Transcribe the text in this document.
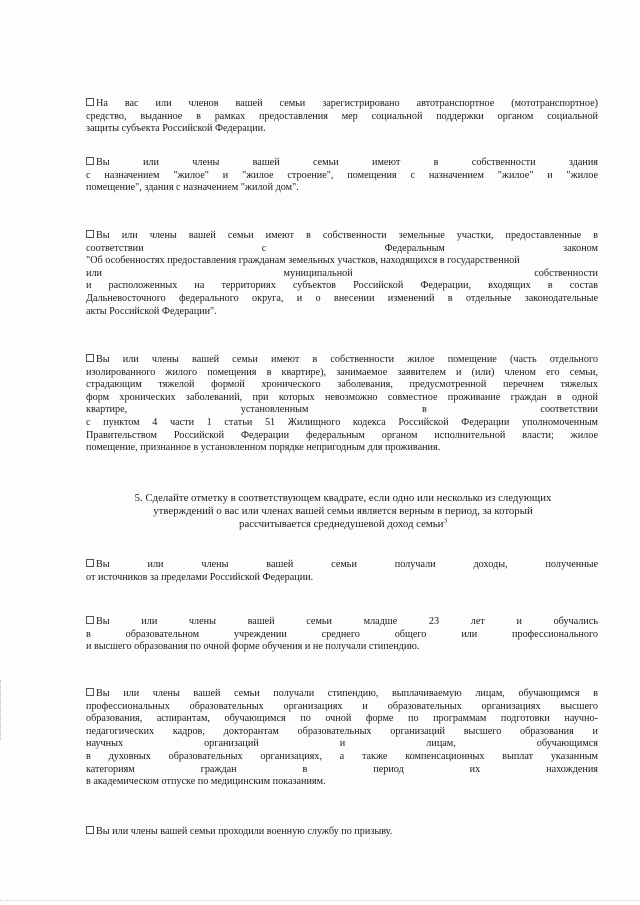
На вас или членов вашей семьи зарегистрировано автотранспортное (мототранспортное)
средство, выданное в рамках предоставления мер социальной поддержки органом социальной
защиты субъекта Российской Федерации.
Вы или члены вашей семьи имеют в собственности здания
с назначением "жилое" и "жилое строение", помещения с назначением "жилое" и "жилое
помещение", здания с назначением "жилой дом".
Вы или члены вашей семьи имеют в собственности земельные участки, предоставленные в
соответствии с Федеральным законом
"Об особенностях предоставления гражданам земельных участков, находящихся в государственной
или муниципальной собственности
и расположенных на территориях субъектов Российской Федерации, входящих в состав
Дальневосточного федерального округа, и о внесении изменений в отдельные законодательные
акты Российской Федерации".
Вы или члены вашей семьи имеют в собственности жилое помещение (часть отдельного
изолированного жилого помещения в квартире), занимаемое заявителем и (или) членом его семьи,
страдающим тяжелой формой хронического заболевания, предусмотренной перечнем тяжелых
форм хронических заболеваний, при которых невозможно совместное проживание граждан в одной
квартире, установленным в соответствии
с пунктом 4 части 1 статьи 51 Жилищного кодекса Российской Федерации уполномоченным
Правительством Российской Федерации федеральным органом исполнительной власти; жилое
помещение, признанное в установленном порядке непригодным для проживания.
5. Сделайте отметку в соответствующем квадрате, если одно или несколько из следующих
утверждений о вас или членах вашей семьи является верным в период, за который
рассчитывается среднедушевой доход семьи$^3$
Вы или члены вашей семьи получали доходы, полученные
от источников за пределами Российской Федерации.
Вы или члены вашей семьи младше 23 лет и обучались
в образовательном учреждении среднего общего или профессионального
и высшего образования по очной форме обучения и не получали стипендию.
Вы или члены вашей семьи получали стипендию, выплачиваемую лицам, обучающимся в
профессиональных образовательных организациях и образовательных организациях высшего
образования, аспирантам, обучающимся по очной форме по программам подготовки научно-
педагогических кадров, докторантам образовательных организаций высшего образования и
научных организаций и лицам, обучающимся
в духовных образовательных организациях, а также компенсационных выплат указанным
категориям граждан в период их нахождения
в академическом отпуске по медицинским показаниям.
Вы или члены вашей семьи проходили военную службу по призыву.
